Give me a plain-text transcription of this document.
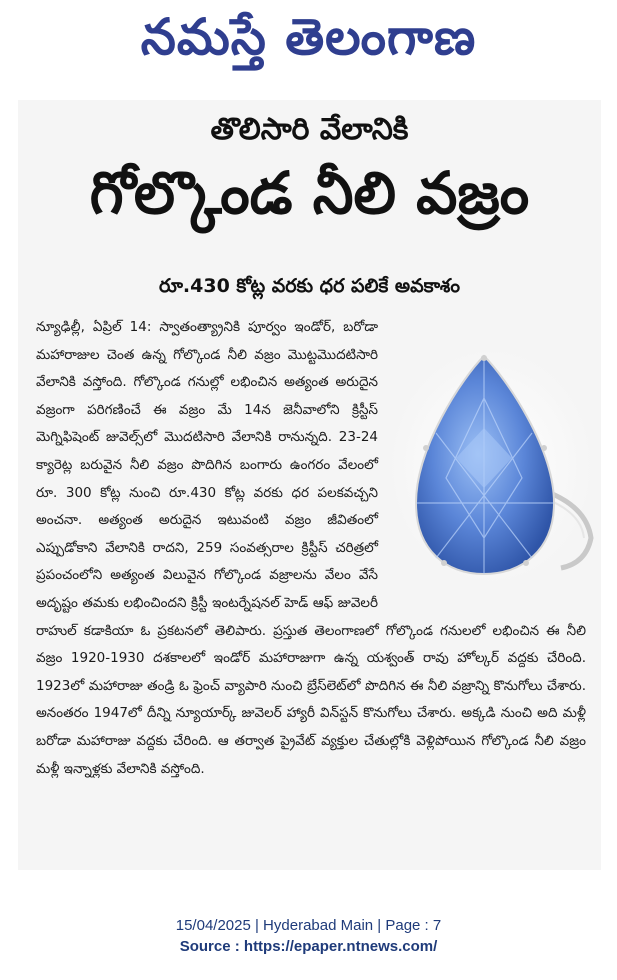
నమస్తే తెలంగాణ
తొలిసారి వేలానికి
గోల్కొండ నీలి వజ్రం
రూ.430 కోట్ల వరకు ధర పలికే అవకాశం
న్యూఢిల్లీ, ఏప్రిల్ 14: స్వాతంత్య్రానికి పూర్వం ఇండోర్, బరోడా మహారాజుల చెంత ఉన్న గోల్కొండ నీలి వజ్రం మొట్టమొదటిసారి వేలానికి వస్తోంది. గోల్కొండ గనుల్లో లభించిన అత్యంత అరుదైన వజ్రంగా పరిగణించే ఈ వజ్రం మే 14న జెనీవాలోని క్రిస్టీస్ మెగ్నిఫిషెంట్ జువెల్స్‌లో మొదటిసారి వేలానికి రానున్నది. 23-24 క్యారెట్ల బరువైన నీలి వజ్రం పొదిగిన బంగారు ఉంగరం వేలంలో రూ. 300 కోట్ల నుంచి రూ.430 కోట్ల వరకు ధర పలకవచ్చని అంచనా. అత్యంత అరుదైన ఇటువంటి వజ్రం జీవితంలో ఎప్పుడోకాని వేలానికి రాదని, 259 సంవత్సరాల క్రిస్టీస్ చరిత్రలో ప్రపంచంలోని అత్యంత విలువైన గోల్కొండ వజ్రాలను వేలం వేసే అదృష్టం తమకు లభించిందని క్రిస్టీ ఇంటర్నేషనల్ హెడ్ ఆఫ్ జువెలరీ రాహుల్ కడాకియా ఓ ప్రకటనలో తెలిపారు. ప్రస్తుత తెలంగాణలో గోల్కొండ గనులలో లభించిన ఈ నీలి వజ్రం 1920-1930 దశకాలలో ఇండోర్ మహారాజుగా ఉన్న యశ్వంత్ రావు హోల్కర్ వద్దకు చేరింది. 1923లో మహారాజు తండ్రి ఓ ఫ్రెంచ్ వ్యాపారి నుంచి బ్రేస్‌లెట్‌లో పొదిగిన ఈ నీలి వజ్రాన్ని కొనుగోలు చేశారు. అనంతరం 1947లో దీన్ని న్యూయార్క్ జువెలర్ హ్యారీ విన్‌స్టన్ కొనుగోలు చేశారు. అక్కడి నుంచి అది మళ్లీ బరోడా మహారాజు వద్దకు చేరింది. ఆ తర్వాత ప్రైవేట్ వ్యక్తుల చేతుల్లోకి వెళ్లిపోయిన గోల్కొండ నీలి వజ్రం మళ్లీ ఇన్నాళ్లకు వేలానికి వస్తోంది.
15/04/2025 | Hyderabad Main | Page : 7
Source : https://epaper.ntnews.com/
